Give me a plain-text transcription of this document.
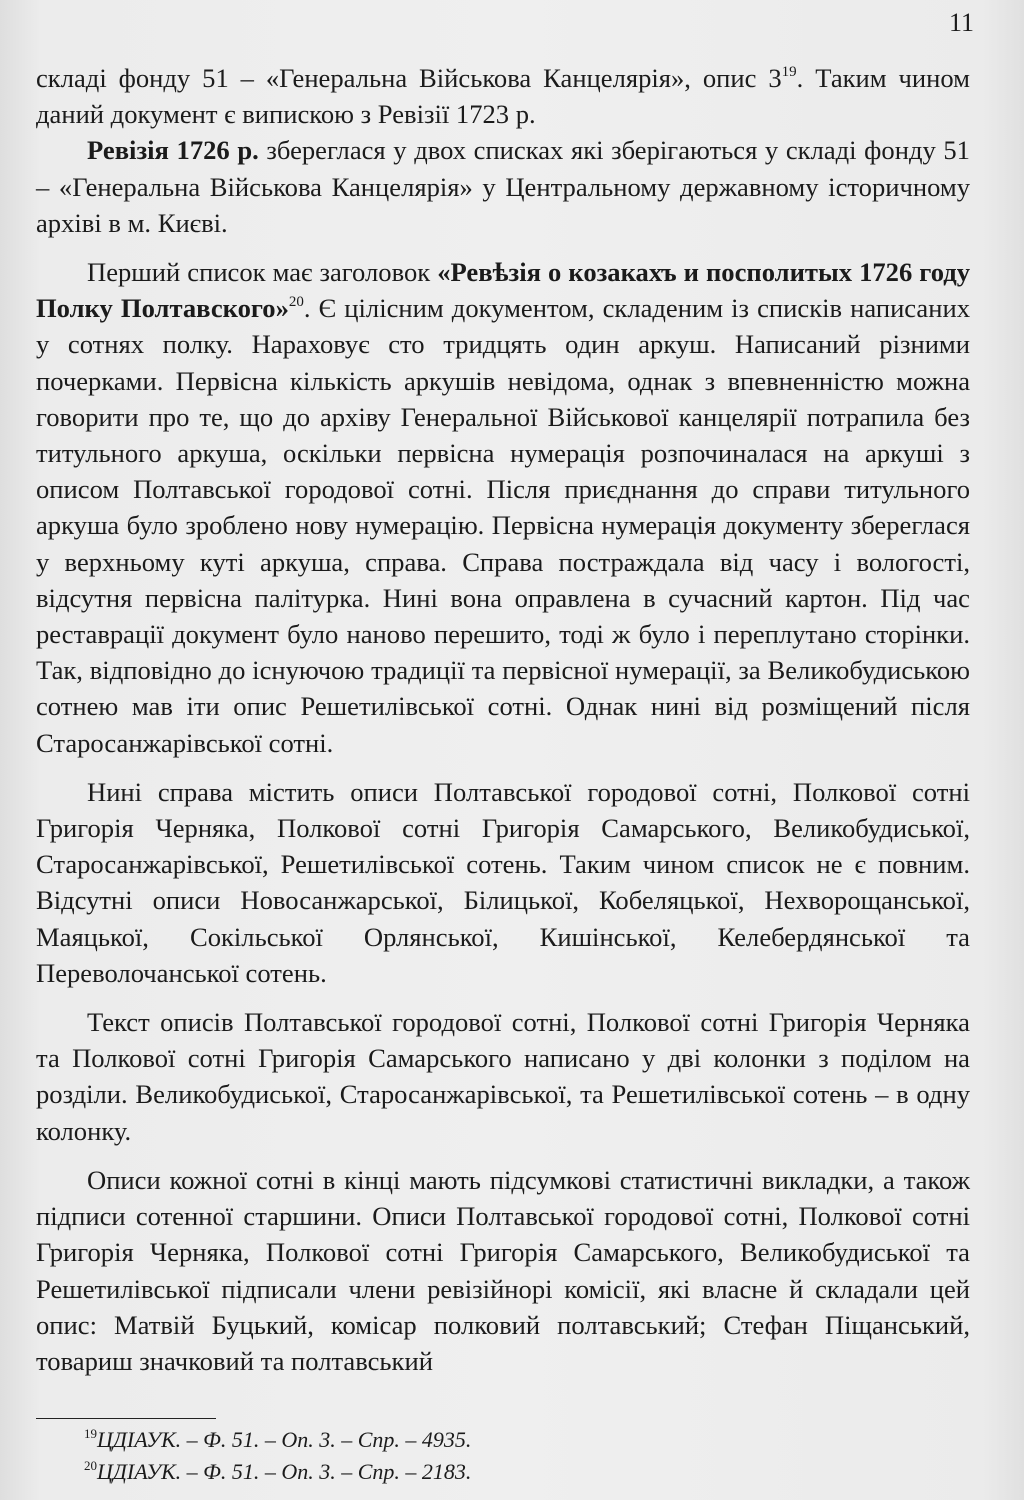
11

складі фонду 51 – «Генеральна Військова Канцелярія», опис $3^{19}$. Таким чином даний документ є випискою з Ревізії 1723 р.

Ревізія 1726 р. збереглася у двох списках які зберігаються у складі фонду 51 – «Генеральна Військова Канцелярія» у Центральному державному історичному архіві в м. Києві.

Перший список має заголовок «Ревѣзія о козакахъ и посполитых 1726 году Полку Полтавского»$^{20}$. Є цілісним документом, складеним із списків написаних у сотнях полку. Нараховує сто тридцять один аркуш. Написаний різними почерками. Первісна кількість аркушів невідома, однак з впевненністю можна говорити про те, що до архіву Генеральної Військової канцелярії потрапила без титульного аркуша, оскільки первісна нумерація розпочиналася на аркуші з описом Полтавської городової сотні. Після приєднання до справи титульного аркуша було зроблено нову нумерацію. Первісна нумерація документу збереглася у верхньому куті аркуша, справа. Справа постраждала від часу і вологості, відсутня первісна палітурка. Нині вона оправлена в сучасний картон. Під час реставрації документ було наново перешито, тоді ж було і переплутано сторінки. Так, відповідно до існуючою традиції та первісної нумерації, за Великобудиською сотнею мав іти опис Решетилівської сотні. Однак нині від розміщений після Старосанжарівської сотні.

Нині справа містить описи Полтавської городової сотні, Полкової сотні Григорія Черняка, Полкової сотні Григорія Самарського, Великобудиської, Старосанжарівської, Решетилівської сотень. Таким чином список не є повним. Відсутні описи Новосанжарської, Білицької, Кобеляцької, Нехворощанської, Маяцької, Сокільської Орлянської, Кишінської, Келебердянської та Переволочанської сотень.

Текст описів Полтавської городової сотні, Полкової сотні Григорія Черняка та Полкової сотні Григорія Самарського написано у дві колонки з поділом на розділи. Великобудиської, Старосанжарівської, та Решетилівської сотень – в одну колонку.

Описи кожної сотні в кінці мають підсумкові статистичні викладки, а також підписи сотенної старшини. Описи Полтавської городової сотні, Полкової сотні Григорія Черняка, Полкової сотні Григорія Самарського, Великобудиської та Решетилівської підписали члени ревізійнорі комісії, які власне й складали цей опис: Матвій Буцький, комісар полковий полтавський; Стефан Піщанський, товариш значковий та полтавський

$^{19}$ЦДІАУК. – Ф. 51. – Оп. 3. – Спр. – 4935.
$^{20}$ЦДІАУК. – Ф. 51. – Оп. 3. – Спр. – 2183.
